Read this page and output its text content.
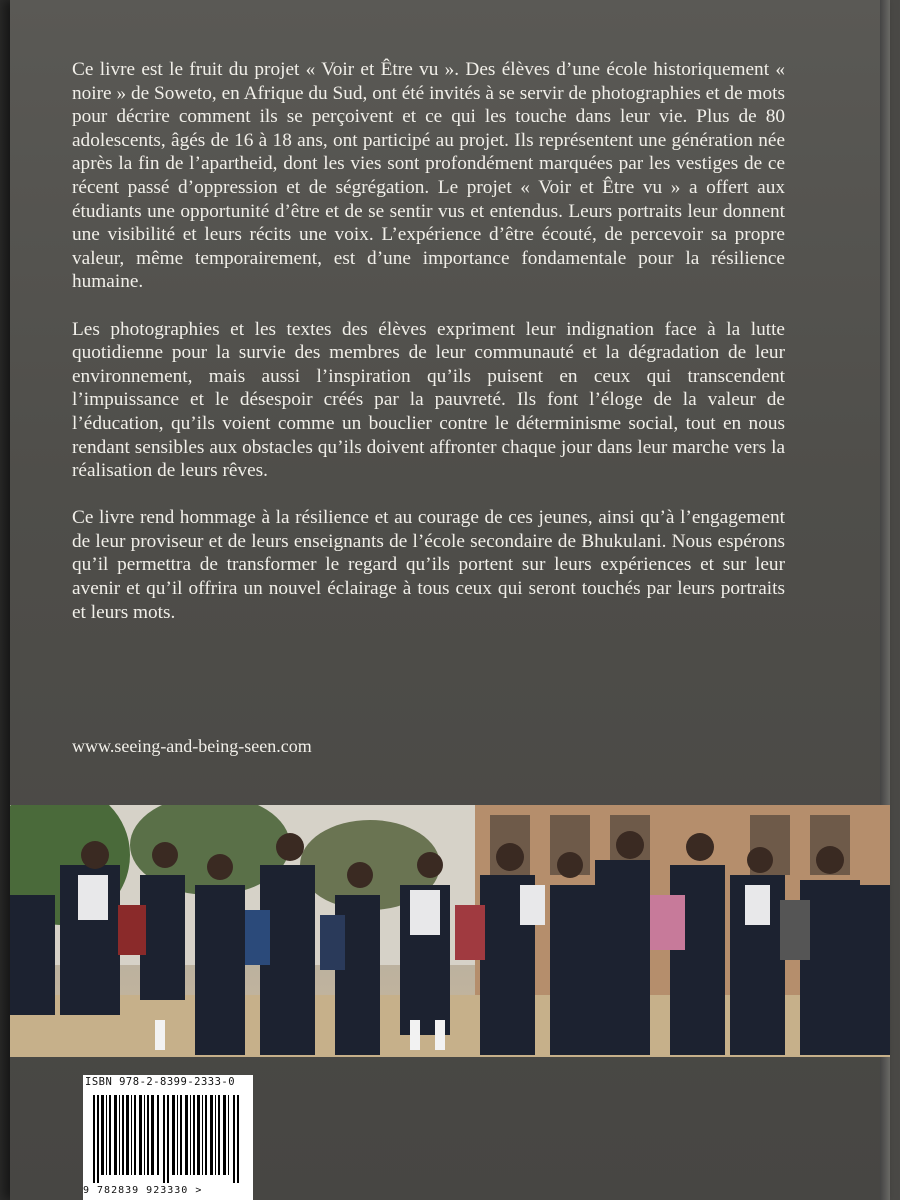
Ce livre est le fruit du projet « Voir et Être vu ». Des élèves d’une école historiquement « noire » de Soweto, en Afrique du Sud, ont été invités à se servir de photographies et de mots pour décrire comment ils se perçoivent et ce qui les touche dans leur vie. Plus de 80 adolescents, âgés de 16 à 18 ans, ont participé au projet. Ils représentent une génération née après la fin de l’apartheid, dont les vies sont profondément marquées par les vestiges de ce récent passé d’oppression et de ségrégation. Le projet « Voir et Être vu » a offert aux étudiants une opportunité d’être et de se sentir vus et entendus. Leurs portraits leur donnent une visibilité et leurs récits une voix. L’expérience d’être écouté, de percevoir sa propre valeur, même temporairement, est d’une importance fondamentale pour la résilience humaine.

Les photographies et les textes des élèves expriment leur indignation face à la lutte quotidienne pour la survie des membres de leur communauté et la dégradation de leur environnement, mais aussi l’inspiration qu’ils puisent en ceux qui transcendent l’impuissance et le désespoir créés par la pauvreté. Ils font l’éloge de la valeur de l’éducation, qu’ils voient comme un bouclier contre le déterminisme social, tout en nous rendant sensibles aux obstacles qu’ils doivent affronter chaque jour dans leur marche vers la réalisation de leurs rêves.

Ce livre rend hommage à la résilience et au courage de ces jeunes, ainsi qu’à l’engagement de leur proviseur et de leurs enseignants de l’école secondaire de Bhukulani. Nous espérons qu’il permettra de transformer le regard qu’ils portent sur leurs expériences et sur leur avenir et qu’il offrira un nouvel éclairage à tous ceux qui seront touchés par leurs portraits et leurs mots.

www.seeing-and-being-seen.com
ISBN 978-2-8399-2333-0
9 782839 923330 >
